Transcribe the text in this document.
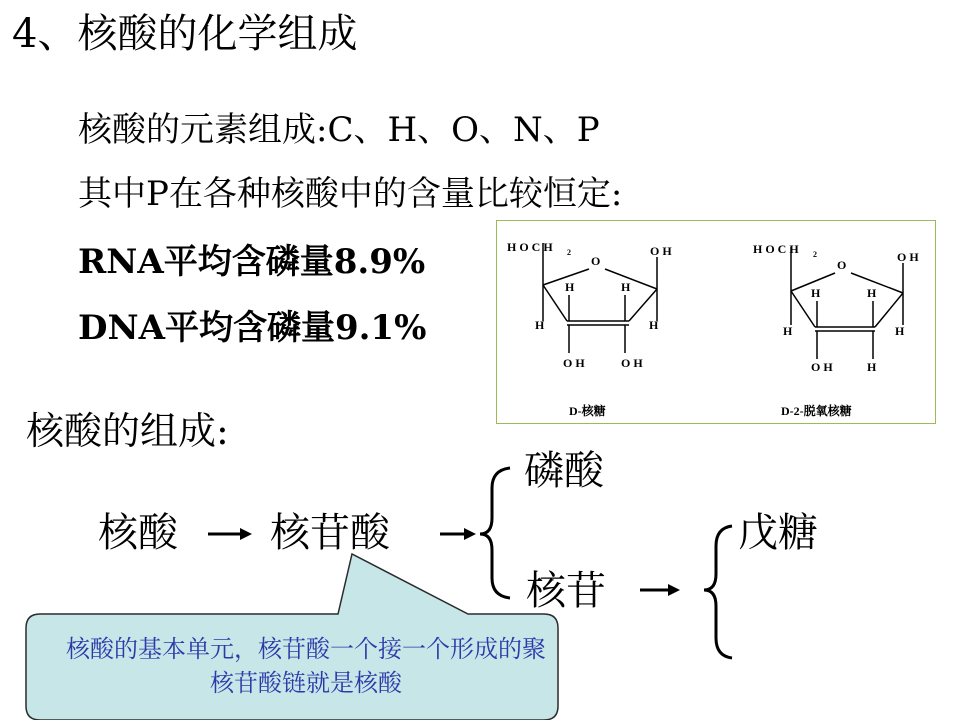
4、核酸的化学组成
核酸的元素组成:C、H、O、N、P
其中P在各种核酸中的含量比较恒定:
RNA平均含磷量8.9%
DNA平均含磷量9.1%
核酸的组成:
H O C H 2
O
O H
H	H
H	H
O H	O H
D-核糖
H O C H 2
O
O H
H	H
H	H
O H	H
D-2-脱氧核糖
核酸 核苷酸
磷酸
核苷
戊糖
核酸的基本单元，核苷酸一个接一个形成的聚核苷酸链就是核酸
